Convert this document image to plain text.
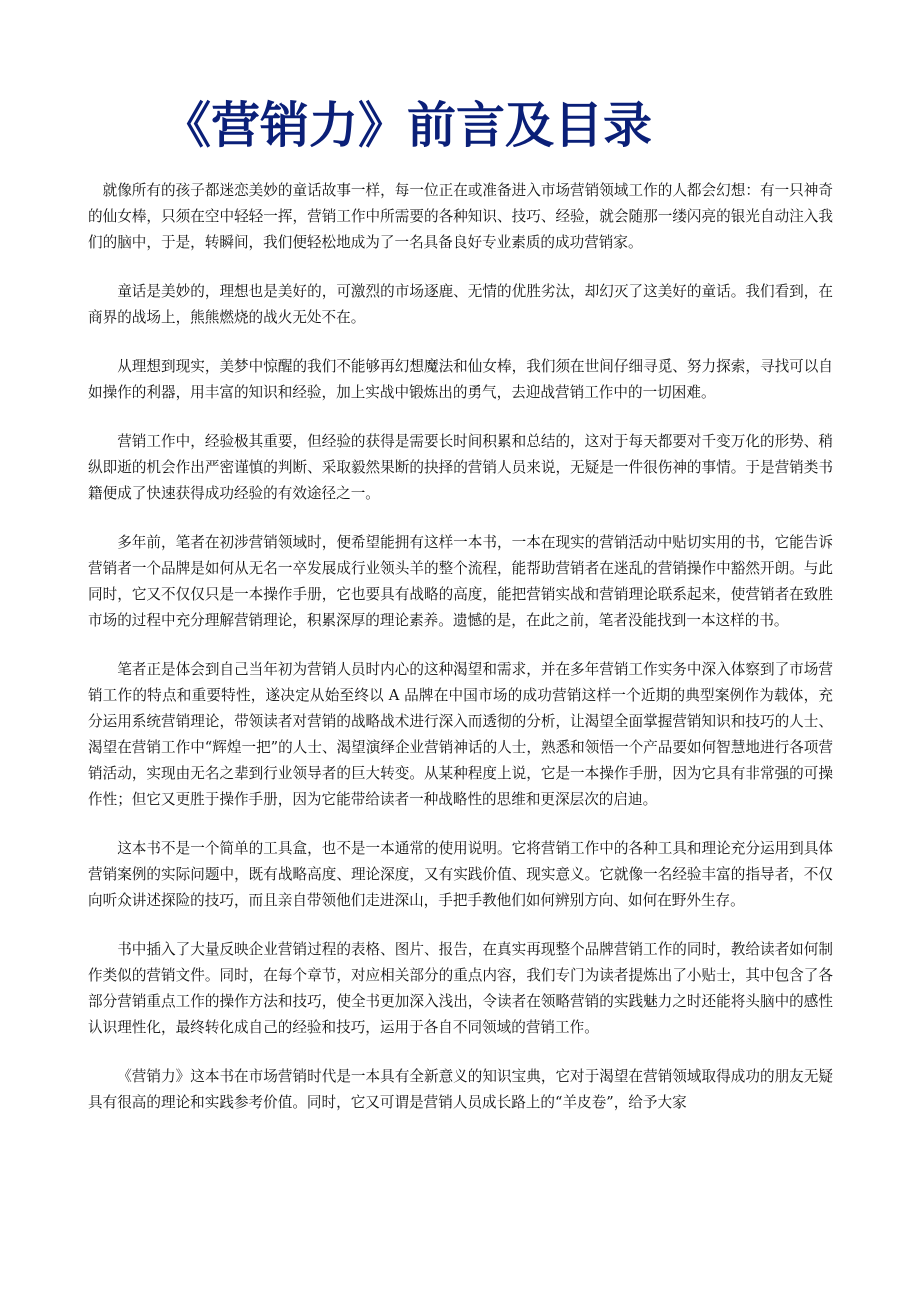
《营销力》前言及目录

就像所有的孩子都迷恋美妙的童话故事一样，每一位正在或准备进入市场营销领域工作的人都会幻想：有一只神奇的仙女棒，只须在空中轻轻一挥，营销工作中所需要的各种知识、技巧、经验，就会随那一缕闪亮的银光自动注入我们的脑中，于是，转瞬间，我们便轻松地成为了一名具备良好专业素质的成功营销家。

童话是美妙的，理想也是美好的，可激烈的市场逐鹿、无情的优胜劣汰，却幻灭了这美好的童话。我们看到，在商界的战场上，熊熊燃烧的战火无处不在。

从理想到现实，美梦中惊醒的我们不能够再幻想魔法和仙女棒，我们须在世间仔细寻觅、努力探索，寻找可以自如操作的利器，用丰富的知识和经验，加上实战中锻炼出的勇气，去迎战营销工作中的一切困难。

营销工作中，经验极其重要，但经验的获得是需要长时间积累和总结的，这对于每天都要对千变万化的形势、稍纵即逝的机会作出严密谨慎的判断、采取毅然果断的抉择的营销人员来说，无疑是一件很伤神的事情。于是营销类书籍便成了快速获得成功经验的有效途径之一。

多年前，笔者在初涉营销领域时，便希望能拥有这样一本书，一本在现实的营销活动中贴切实用的书，它能告诉营销者一个品牌是如何从无名一卒发展成行业领头羊的整个流程，能帮助营销者在迷乱的营销操作中豁然开朗。与此同时，它又不仅仅只是一本操作手册，它也要具有战略的高度，能把营销实战和营销理论联系起来，使营销者在致胜市场的过程中充分理解营销理论，积累深厚的理论素养。遗憾的是，在此之前，笔者没能找到一本这样的书。

笔者正是体会到自己当年初为营销人员时内心的这种渴望和需求，并在多年营销工作实务中深入体察到了市场营销工作的特点和重要特性，遂决定从始至终以 A 品牌在中国市场的成功营销这样一个近期的典型案例作为载体，充分运用系统营销理论，带领读者对营销的战略战术进行深入而透彻的分析，让渴望全面掌握营销知识和技巧的人士、渴望在营销工作中“辉煌一把”的人士、渴望演绎企业营销神话的人士，熟悉和领悟一个产品要如何智慧地进行各项营销活动，实现由无名之辈到行业领导者的巨大转变。从某种程度上说，它是一本操作手册，因为它具有非常强的可操作性；但它又更胜于操作手册，因为它能带给读者一种战略性的思维和更深层次的启迪。

这本书不是一个简单的工具盒，也不是一本通常的使用说明。它将营销工作中的各种工具和理论充分运用到具体营销案例的实际问题中，既有战略高度、理论深度，又有实践价值、现实意义。它就像一名经验丰富的指导者，不仅向听众讲述探险的技巧，而且亲自带领他们走进深山，手把手教他们如何辨别方向、如何在野外生存。

书中插入了大量反映企业营销过程的表格、图片、报告，在真实再现整个品牌营销工作的同时，教给读者如何制作类似的营销文件。同时，在每个章节，对应相关部分的重点内容，我们专门为读者提炼出了小贴士，其中包含了各部分营销重点工作的操作方法和技巧，使全书更加深入浅出，令读者在领略营销的实践魅力之时还能将头脑中的感性认识理性化，最终转化成自己的经验和技巧，运用于各自不同领域的营销工作。

《营销力》这本书在市场营销时代是一本具有全新意义的知识宝典，它对于渴望在营销领域取得成功的朋友无疑具有很高的理论和实践参考价值。同时，它又可谓是营销人员成长路上的“羊皮卷”，给予大家
